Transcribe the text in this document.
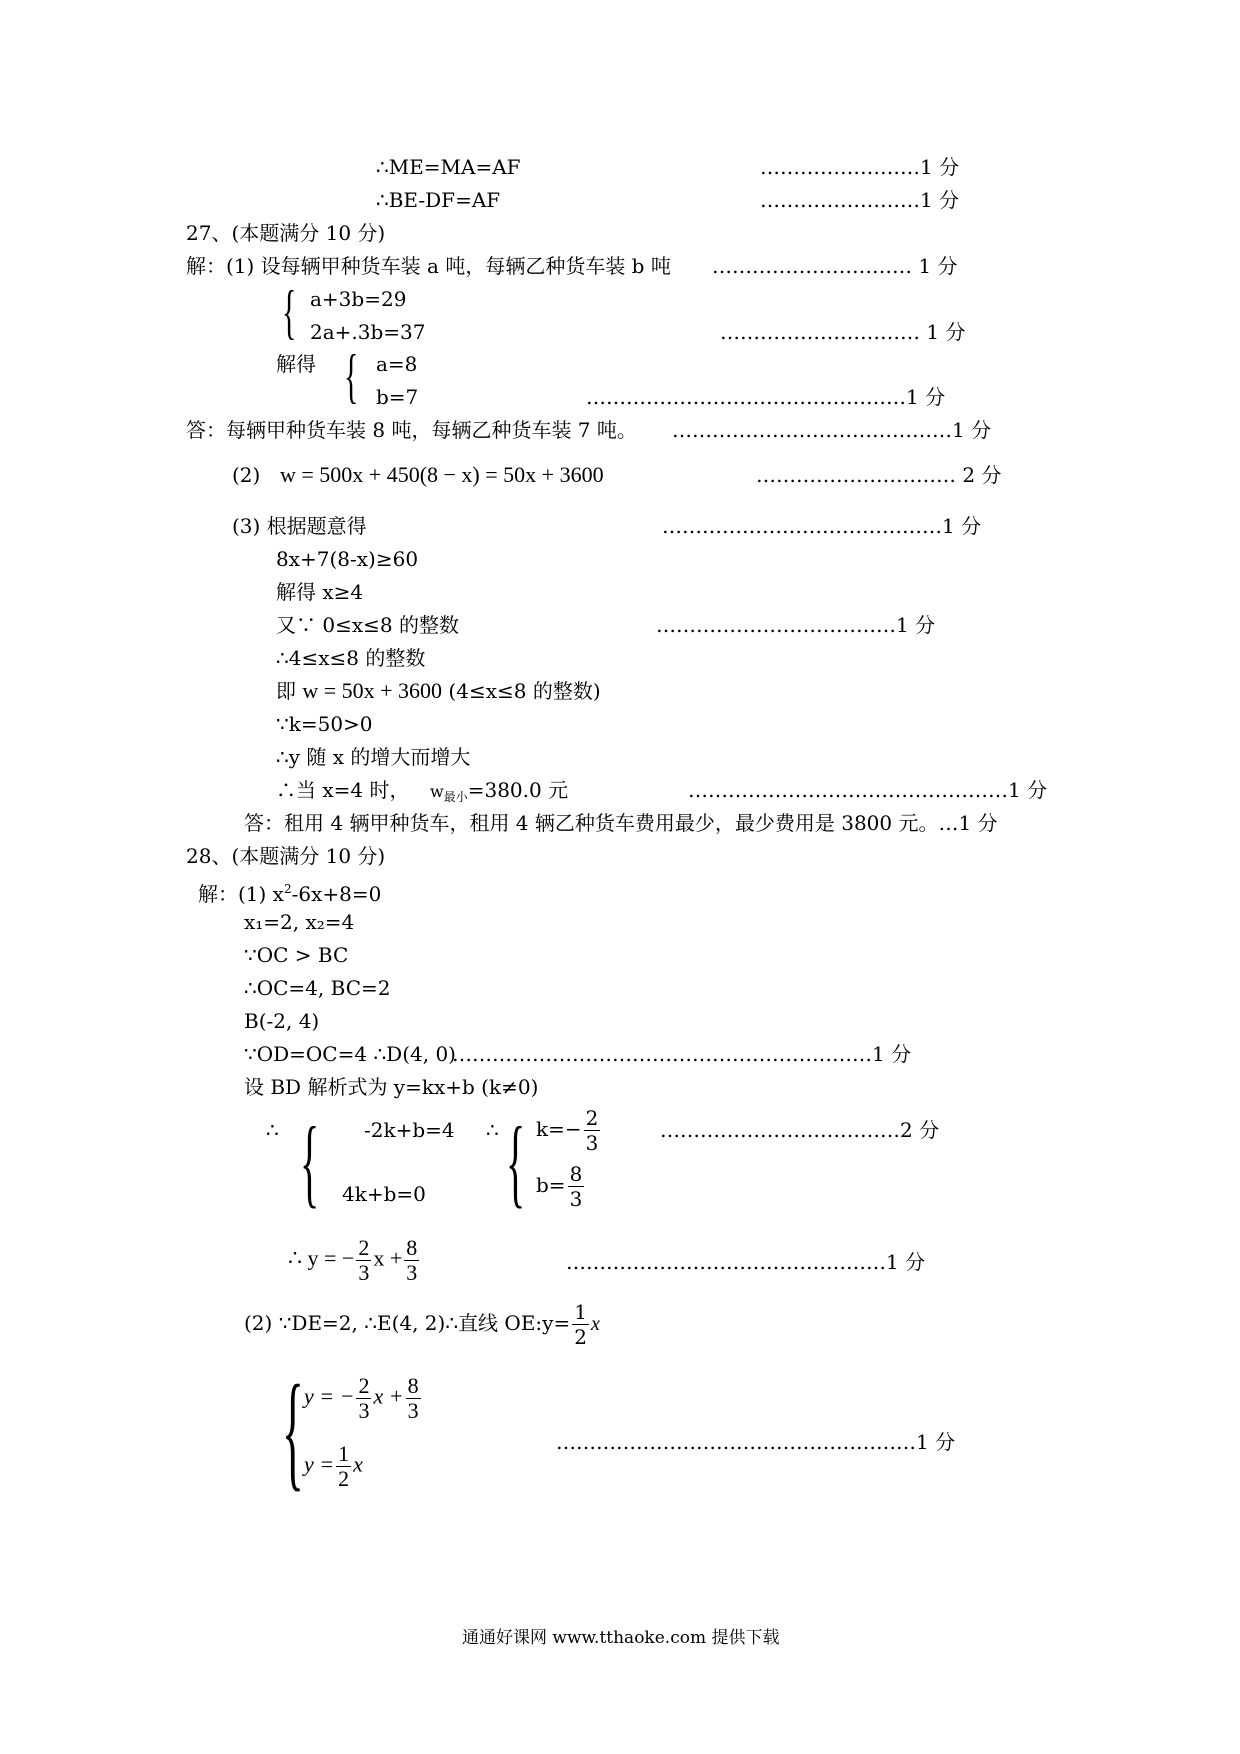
∴ME=MA=AF	……………………1 分
∴BE-DF=AF	……………………1 分
27、(本题满分 10 分)
解：(1) 设每辆甲种货车装 a 吨，每辆乙种货车装 b 吨 ………………………… 1 分
{ a+3b=29
2a+.3b=37	………………………… 1 分
解得 { a=8
b=7	…………………………………………1 分
答：每辆甲种货车装 8 吨，每辆乙种货车装 7 吨。 ……………………………………1 分
(2) w = 500x + 450(8 − x) = 50x + 3600	………………………… 2 分
(3) 根据题意得	……………………………………1 分
8x+7(8-x)≥60
解得 x≥4
又∵ 0≤x≤8 的整数	………………………………1 分
∴4≤x≤8 的整数
即 w = 50x + 3600 (4≤x≤8 的整数)
∵k=50>0
∴y 随 x 的增大而增大
∴当 x=4 时， $w_{最小}=380.0$ 元	…………………………………………1 分
答：租用 4 辆甲种货车，租用 4 辆乙种货车费用最少，最少费用是 3800 元。…1 分
28、(本题满分 10 分)
解：(1) $x^2-6x+8=0$
x₁=2, x₂=4
∵OC > BC
∴OC=4, BC=2
B(-2, 4)
∵OD=OC=4 ∴D(4, 0)
………………………………………………………1 分
设 BD 解析式为 y=kx+b (k≠0)
∴ { -2k+b=4
4k+b=0
∴ { $k=- \frac{2}{3}$
$b= \frac{8}{3}$
………………………………2 分
∴ y = − $\frac{2}{3}$ $x + \frac{8}{3}$	…………………………………………1 分
(2) ∵DE=2, ∴E(4, 2)∴直线 OE:y= $\frac{1}{2}$ x
{ y = − $\frac{2}{3}$ $x + \frac{8}{3}$
$y = \frac{1}{2}$ x
………………………………………………1 分
通通好课网 www.tthaoke.com 提供下载
